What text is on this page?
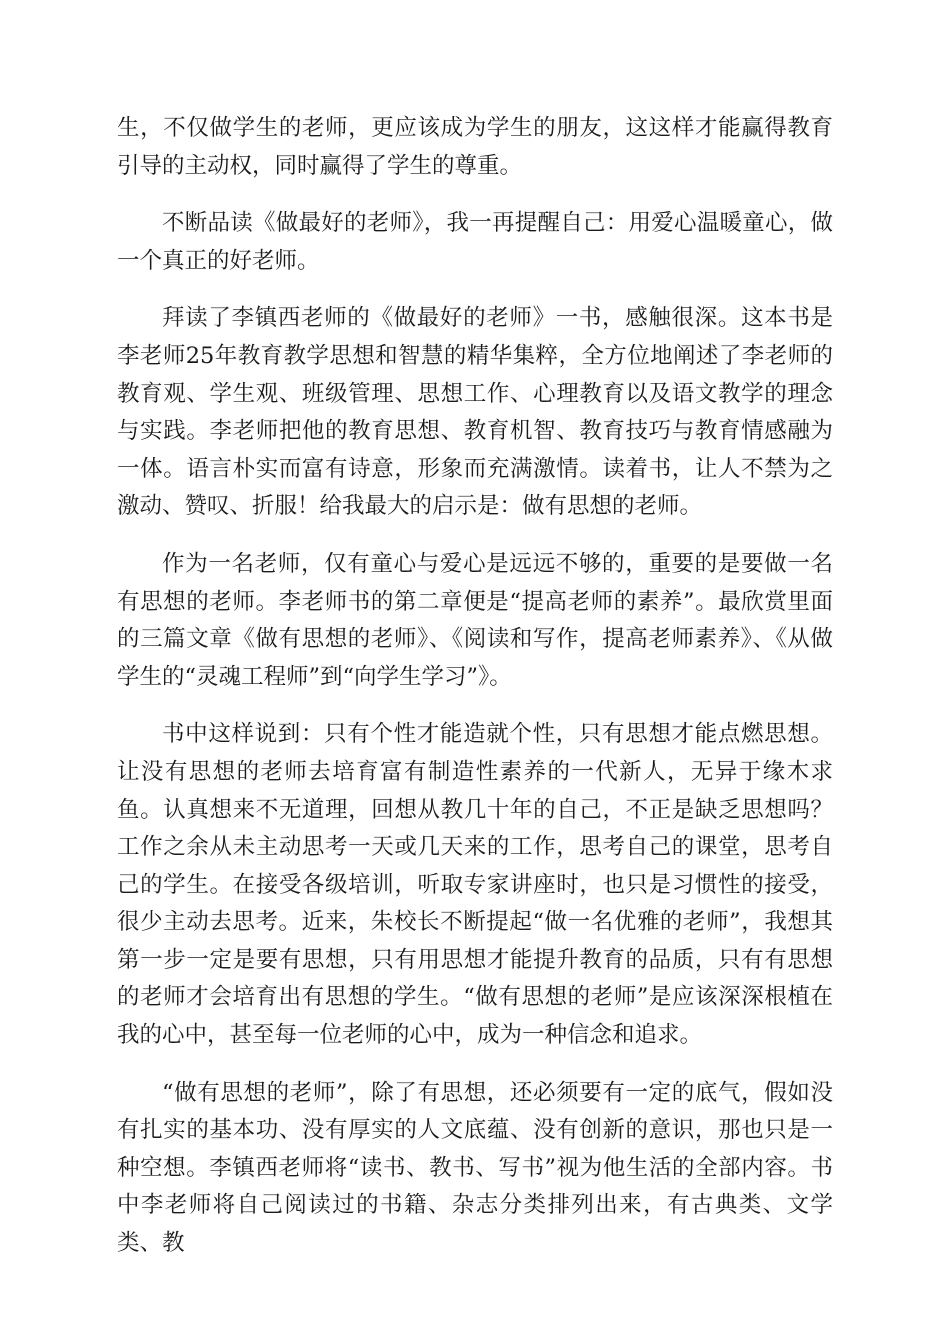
生，不仅做学生的老师，更应该成为学生的朋友，这这样才能赢得教育引导的主动权，同时赢得了学生的尊重。

不断品读《做最好的老师》，我一再提醒自己：用爱心温暖童心，做一个真正的好老师。

拜读了李镇西老师的《做最好的老师》一书，感触很深。这本书是李老师25年教育教学思想和智慧的精华集粹，全方位地阐述了李老师的教育观、学生观、班级管理、思想工作、心理教育以及语文教学的理念与实践。李老师把他的教育思想、教育机智、教育技巧与教育情感融为一体。语言朴实而富有诗意，形象而充满激情。读着书，让人不禁为之激动、赞叹、折服！给我最大的启示是：做有思想的老师。

作为一名老师，仅有童心与爱心是远远不够的，重要的是要做一名有思想的老师。李老师书的第二章便是“提高老师的素养”。最欣赏里面的三篇文章《做有思想的老师》、《阅读和写作，提高老师素养》、《从做学生的“灵魂工程师”到“向学生学习”》。

书中这样说到：只有个性才能造就个性，只有思想才能点燃思想。让没有思想的老师去培育富有制造性素养的一代新人，无异于缘木求鱼。认真想来不无道理，回想从教几十年的自己，不正是缺乏思想吗？工作之余从未主动思考一天或几天来的工作，思考自己的课堂，思考自己的学生。在接受各级培训，听取专家讲座时，也只是习惯性的接受，很少主动去思考。近来，朱校长不断提起“做一名优雅的老师”，我想其第一步一定是要有思想，只有用思想才能提升教育的品质，只有有思想的老师才会培育出有思想的学生。“做有思想的老师”是应该深深根植在我的心中，甚至每一位老师的心中，成为一种信念和追求。

“做有思想的老师”，除了有思想，还必须要有一定的底气，假如没有扎实的基本功、没有厚实的人文底蕴、没有创新的意识，那也只是一种空想。李镇西老师将“读书、教书、写书”视为他生活的全部内容。书中李老师将自己阅读过的书籍、杂志分类排列出来，有古典类、文学类、教
